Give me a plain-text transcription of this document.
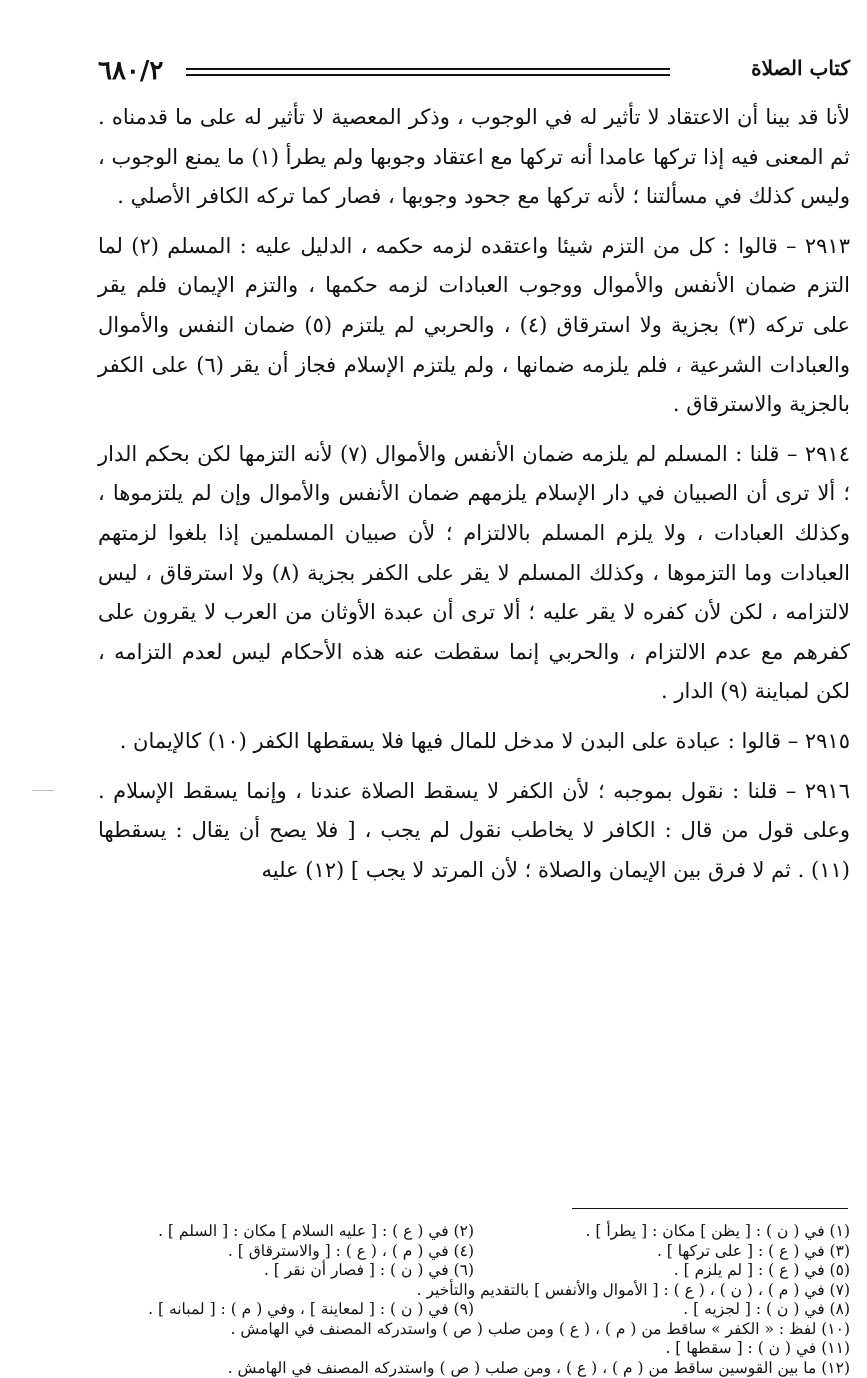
٦٨٠/٢	كتاب الصلاة

لأنا قد بينا أن الاعتقاد لا تأثير له في الوجوب ، وذكر المعصية لا تأثير له على ما قدمناه . ثم المعنى فيه إذا تركها عامدا أنه تركها مع اعتقاد وجوبها ولم يطرأ (١) ما يمنع الوجوب ، وليس كذلك في مسألتنا ؛ لأنه تركها مع جحود وجوبها ، فصار كما تركه الكافر الأصلي .

٢٩١٣ – قالوا : كل من التزم شيئا واعتقده لزمه حكمه ، الدليل عليه : المسلم (٢) لما التزم ضمان الأنفس والأموال ووجوب العبادات لزمه حكمها ، والتزم الإيمان فلم يقر على تركه (٣) بجزية ولا استرقاق (٤) ، والحربي لم يلتزم (٥) ضمان النفس والأموال والعبادات الشرعية ، فلم يلزمه ضمانها ، ولم يلتزم الإسلام فجاز أن يقر (٦) على الكفر بالجزية والاسترقاق .

٢٩١٤ – قلنا : المسلم لم يلزمه ضمان الأنفس والأموال (٧) لأنه التزمها لكن بحكم الدار ؛ ألا ترى أن الصبيان في دار الإسلام يلزمهم ضمان الأنفس والأموال وإن لم يلتزموها ، وكذلك العبادات ، ولا يلزم المسلم بالالتزام ؛ لأن صبيان المسلمين إذا بلغوا لزمتهم العبادات وما التزموها ، وكذلك المسلم لا يقر على الكفر بجزية (٨) ولا استرقاق ، ليس لالتزامه ، لكن لأن كفره لا يقر عليه ؛ ألا ترى أن عبدة الأوثان من العرب لا يقرون على كفرهم مع عدم الالتزام ، والحربي إنما سقطت عنه هذه الأحكام ليس لعدم التزامه ، لكن لمباينة (٩) الدار .

٢٩١٥ – قالوا : عبادة على البدن لا مدخل للمال فيها فلا يسقطها الكفر (١٠) كالإيمان .

٢٩١٦ – قلنا : نقول بموجبه ؛ لأن الكفر لا يسقط الصلاة عندنا ، وإنما يسقط الإسلام . وعلى قول من قال : الكافر لا يخاطب نقول لم يجب ، [ فلا يصح أن يقال : يسقطها (١١) . ثم لا فرق بين الإيمان والصلاة ؛ لأن المرتد لا يجب ] (١٢) عليه

(١) في ( ن ) : [ يظن ] مكان : [ يطرأ ] .
(٢) في ( ع ) : [ عليه السلام ] مكان : [ السلم ] .
(٣) في ( ع ) : [ على تركها ] .
(٤) في ( م ) ، ( ع ) : [ والاسترقاق ] .
(٥) في ( ع ) : [ لم يلزم ] .
(٦) في ( ن ) : [ فصار أن نقر ] .
(٧) في ( م ) ، ( ن ) ، ( ع ) : [ الأموال والأنفس ] بالتقديم والتأخير .
(٨) في ( ن ) : [ لجزيه ] .
(٩) في ( ن ) : [ لمعاينة ] ، وفي ( م ) : [ لمبانه ] .
(١٠) لفظ : « الكفر » ساقط من ( م ) ، ( ع ) ومن صلب ( ص ) واستدركه المصنف في الهامش .
(١١) في ( ن ) : [ سقطها ] .
(١٢) ما بين القوسين ساقط من ( م ) ، ( ع ) ، ومن صلب ( ص ) واستدركه المصنف في الهامش .
